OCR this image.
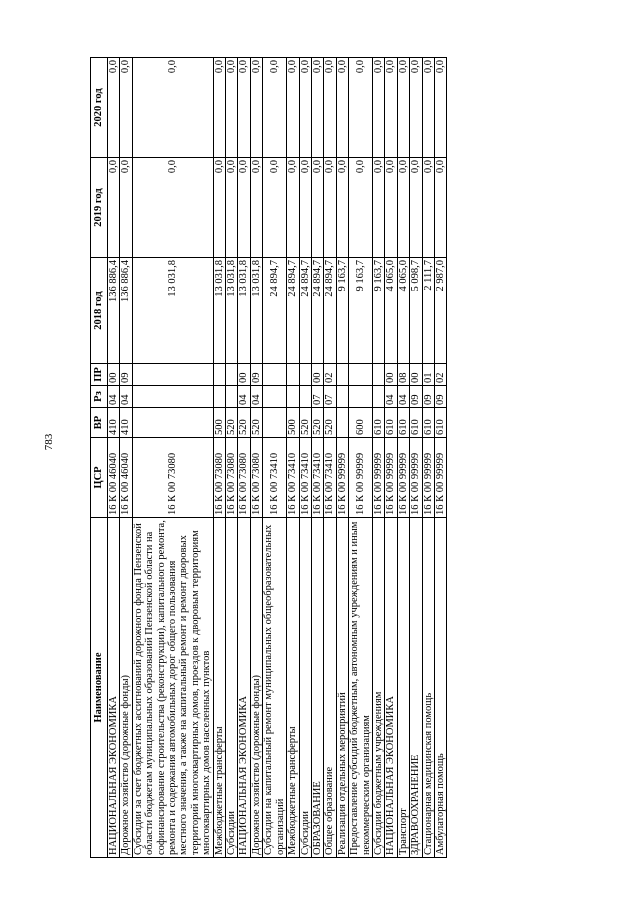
783
Наименование	ЦСР	ВР	Рз	ПР	2018 год	2019 год	2020 год
НАЦИОНАЛЬНАЯ ЭКОНОМИКА	16 К 00 46040	410	04	00	136 886,4	0,0	0,0
Дорожное хозяйство (дорожные фонды)	16 К 00 46040	410	04	09	136 886,4	0,0	0,0
Субсидии за счет бюджетных ассигнований дорожного фонда Пензенской области бюджетам муниципальных образований Пензенской области на софинансирование строительства (реконструкции), капитального ремонта, ремонта и содержания автомобильных дорог общего пользования местного значения, а также на капитальный ремонт и ремонт дворовых территорий многоквартирных домов, проездов к дворовым территориям многоквартирных домов населенных пунктов	16 К 00 73080				13 031,8	0,0	0,0
Межбюджетные трансферты	16 К 00 73080	500			13 031,8	0,0	0,0
Субсидии	16 К 00 73080	520			13 031,8	0,0	0,0
НАЦИОНАЛЬНАЯ ЭКОНОМИКА	16 К 00 73080	520	04	00	13 031,8	0,0	0,0
Дорожное хозяйство (дорожные фонды)	16 К 00 73080	520	04	09	13 031,8	0,0	0,0
Субсидии на капитальный ремонт муниципальных общеобразовательных организаций	16 К 00 73410				24 894,7	0,0	0,0
Межбюджетные трансферты	16 К 00 73410	500			24 894,7	0,0	0,0
Субсидии	16 К 00 73410	520			24 894,7	0,0	0,0
ОБРАЗОВАНИЕ	16 К 00 73410	520	07	00	24 894,7	0,0	0,0
Общее образование	16 К 00 73410	520	07	02	24 894,7	0,0	0,0
Реализация отдельных мероприятий	16 К 00 99999				9 163,7	0,0	0,0
Предоставление субсидий бюджетным, автономным учреждениям и иным некоммерческим организациям	16 К 00 99999	600			9 163,7	0,0	0,0
Субсидии бюджетным учреждениям	16 К 00 99999	610			9 163,7	0,0	0,0
НАЦИОНАЛЬНАЯ ЭКОНОМИКА	16 К 00 99999	610	04	00	4 065,0	0,0	0,0
Транспорт	16 К 00 99999	610	04	08	4 065,0	0,0	0,0
ЗДРАВООХРАНЕНИЕ	16 К 00 99999	610	09	00	5 098,7	0,0	0,0
Стационарная медицинская помощь	16 К 00 99999	610	09	01	2 111,7	0,0	0,0
Амбулаторная помощь	16 К 00 99999	610	09	02	2 987,0	0,0	0,0
